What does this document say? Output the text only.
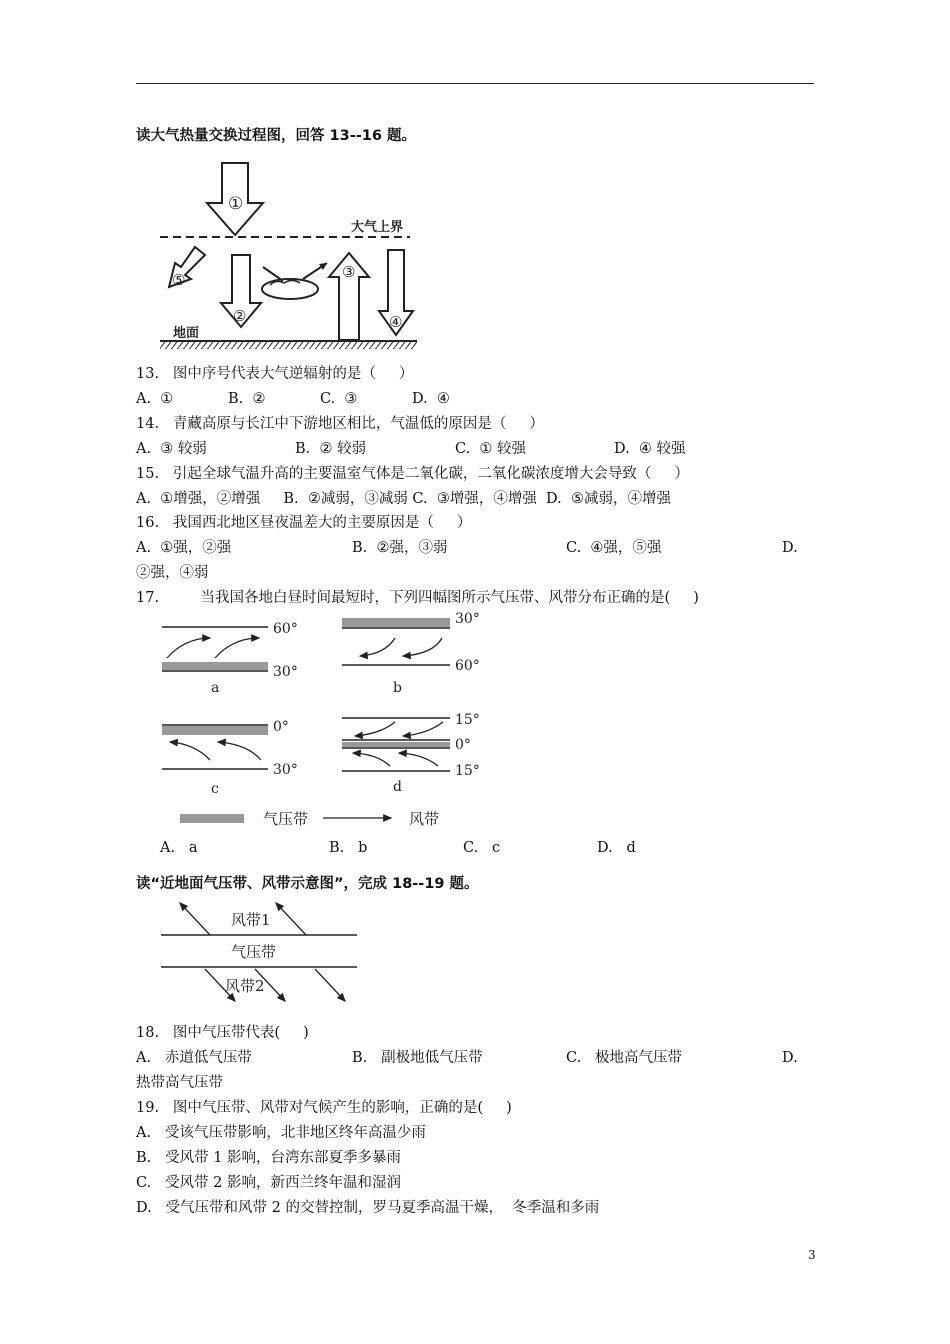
读大气热量交换过程图，回答 13--16 题。
①
②
③
④
⑤
大气上界
地面
13.   图中序号代表大气逆辐射的是（     ）
A.  ①	B.  ②	C.  ③	D.  ④
14.   青藏高原与长江中下游地区相比，气温低的原因是（     ）
A.  ③ 较弱	B.  ② 较弱	C.  ① 较强	D.  ④ 较强
15.   引起全球气温升高的主要温室气体是二氧化碳，二氧化碳浓度增大会导致（     ）
A.  ①增强，②增强     B.  ②减弱，③减弱 C.  ③增强，④增强  D.  ⑤减弱，④增强
16.   我国西北地区昼夜温差大的主要原因是（     ）
A.  ①强，②强	B.  ②强，③弱	C.  ④强，⑤强	D.
②强，④弱
17.         当我国各地白昼时间最短时，下列四幅图所示气压带、风带分布正确的是(     )
60°
30°
a
30°
60°
b
0°
30°
c
15°
0°
15°
d
气压带	风带
A.   a	B.   b	C.   c	D.   d
读“近地面气压带、风带示意图”，完成 18--19 题。
风带1
气压带
风带2
18.   图中气压带代表(     )
A.   赤道低气压带	B.   副极地低气压带	C.   极地高气压带	D.
热带高气压带
19.   图中气压带、风带对气候产生的影响，正确的是(     )
A.   受该气压带影响，北非地区终年高温少雨
B.   受风带 1 影响，台湾东部夏季多暴雨
C.   受风带 2 影响，新西兰终年温和湿润
D.   受气压带和风带 2 的交替控制，罗马夏季高温干燥，  冬季温和多雨
3
